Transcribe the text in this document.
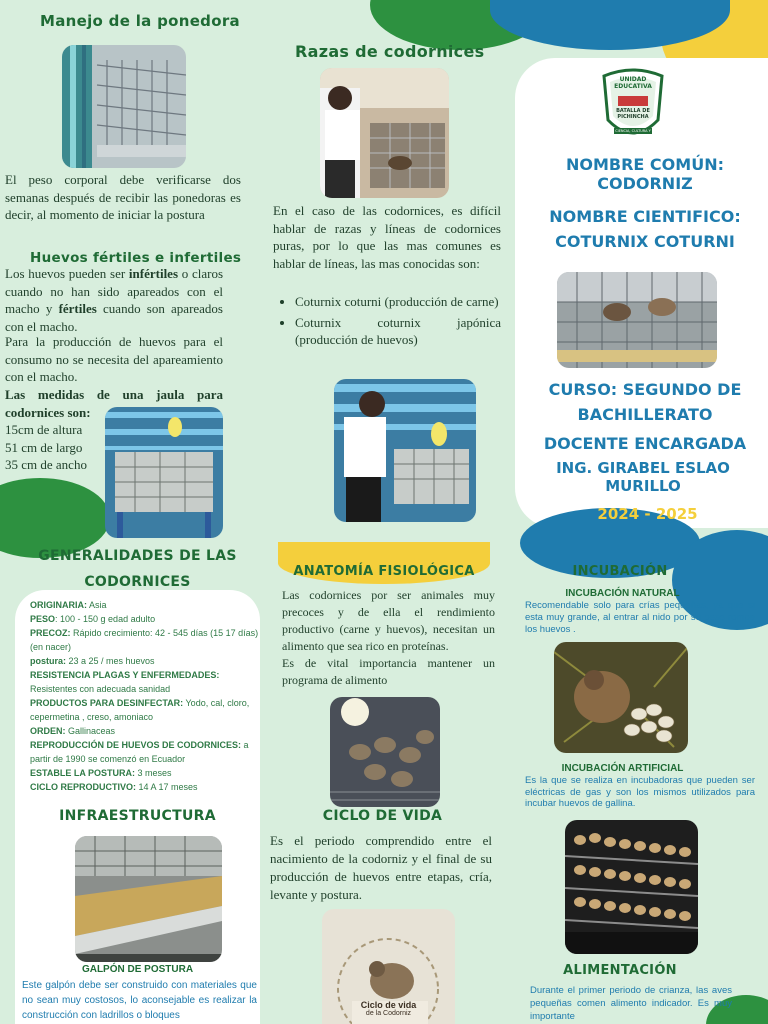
Manejo de la ponedora

El peso corporal debe verificarse dos semanas después de recibir las ponedoras es decir, al momento de iniciar la postura

Huevos fértiles e infertiles

Los huevos pueden ser infértiles o claros cuando no han sido apareados con el macho y fértiles cuando son apareados con el macho.

Para la producción de huevos para el consumo no se necesita del apareamiento con el macho.

Las medidas de una jaula para codornices son:

15cm de altura
51 cm de largo
35 cm de ancho
Razas de codornices

En el caso de las codornices, es difícil hablar de razas y líneas de codornices puras, por lo que las mas comunes es hablar de líneas, las mas conocidas son:

• Coturnix coturni (producción de carne)
• Coturnix coturnix japónica (producción de huevos)
UNIDAD EDUCATIVA
BATALLA DE PICHINCHA
CIENCIA, CULTURA Y DEPORTE
NOMBRE COMÚN: CODORNIZ
NOMBRE CIENTIFICO:
COTURNIX COTURNI
CURSO: SEGUNDO DE
BACHILLERATO
DOCENTE ENCARGADA
ING. GIRABEL ESLAO MURILLO
2024 - 2025
GENERALIDADES DE LAS
CODORNICES
ORIGINARIA: Asia
PESO: 100 - 150 g edad adulto
PRECOZ: Rápido crecimiento: 42 - 545 días (15 17 días) (en nacer)
postura: 23 a 25 / mes huevos
RESISTENCIA PLAGAS Y ENFERMEDADES:
Resistentes con adecuada sanidad
PRODUCTOS PARA DESINFECTAR: Yodo, cal, cloro, cepermetina , creso, amoniaco
ORDEN: Gallinaceas
REPRODUCCIÓN DE HUEVOS DE CODORNICES: a partir de 1990 se comenzó en Ecuador
ESTABLE LA POSTURA: 3 meses
CICLO REPRODUCTIVO: 14 A 17 meses
INFRAESTRUCTURA
GALPÓN DE POSTURA

Este galpón debe ser construido con materiales que no sean muy costosos, lo aconsejable es realizar la construcción con ladrillos o bloques

ANATOMÍA FISIOLÓGICA

Las codornices por ser animales muy precoces y de ella el rendimiento productivo (carne y huevos), necesitan un alimento que sea rico en proteínas.

Es de vital importancia mantener un programa de alimento

CICLO DE VIDA

Es el periodo comprendido entre el nacimiento de la codorniz y el final de su producción de huevos entre etapas, cría, levante y postura.

Ciclo de vida
de la Codorniz
INCUBACIÓN
INCUBACIÓN NATURAL

Recomendable solo para crías pequeñas, ya que si esta muy grande, al entrar al nido por su peso rompe los huevos .

INCUBACIÓN ARTIFICIAL

Es la que se realiza en incubadoras que pueden ser eléctricas de gas y son los mismos utilizados para incubar huevos de gallina.

ALIMENTACIÓN

Durante el primer periodo de crianza, las aves pequeñas comen alimento indicador. Es muy importante
